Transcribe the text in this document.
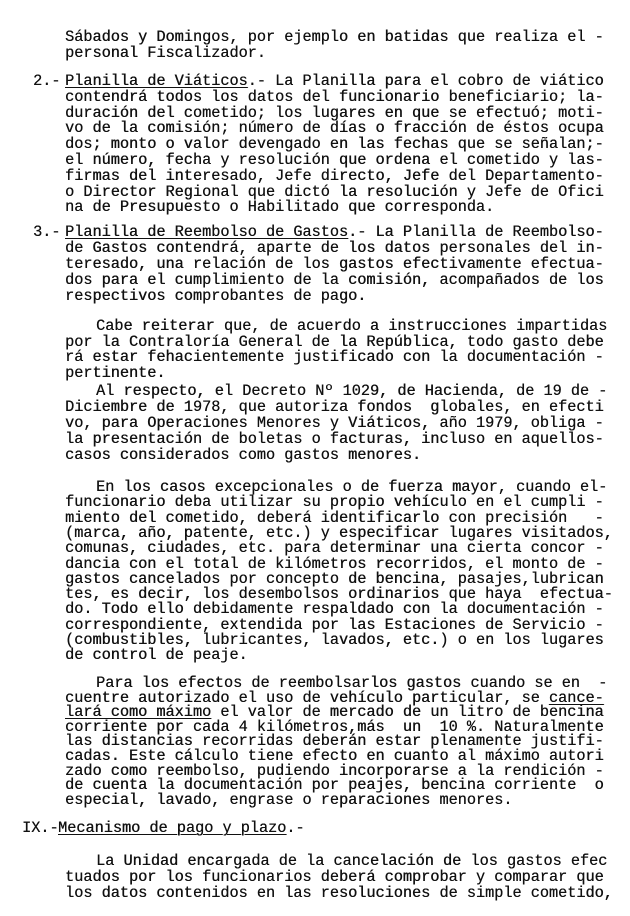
Sábados y Domingos, por ejemplo en batidas que realiza el -
personal Fiscalizador.
2.- Planilla de Viáticos.- La Planilla para el cobro de viático
contendrá todos los datos del funcionario beneficiario; la-
duración del cometido; los lugares en que se efectuó; moti-
vo de la comisión; número de días o fracción de éstos ocupa
dos; monto o valor devengado en las fechas que se señalan;-
el número, fecha y resolución que ordena el cometido y las-
firmas del interesado, Jefe directo, Jefe del Departamento-
o Director Regional que dictó la resolución y Jefe de Ofici
na de Presupuesto o Habilitado que corresponda.
3.- Planilla de Reembolso de Gastos.- La Planilla de Reembolso-
de Gastos contendrá, aparte de los datos personales del in-
teresado, una relación de los gastos efectivamente efectua-
dos para el cumplimiento de la comisión, acompañados de los
respectivos comprobantes de pago.
Cabe reiterar que, de acuerdo a instrucciones impartidas
por la Contraloría General de la República, todo gasto debe
rá estar fehacientemente justificado con la documentación -
pertinente.
Al respecto, el Decreto Nº 1029, de Hacienda, de 19 de -
Diciembre de 1978, que autoriza fondos  globales, en efecti
vo, para Operaciones Menores y Viáticos, año 1979, obliga -
la presentación de boletas o facturas, incluso en aquellos-
casos considerados como gastos menores.
En los casos excepcionales o de fuerza mayor, cuando el-
funcionario deba utilizar su propio vehículo en el cumpli -
miento del cometido, deberá identificarlo con precisión   -
(marca, año, patente, etc.) y especificar lugares visitados,
comunas, ciudades, etc. para determinar una cierta concor -
dancia con el total de kilómetros recorridos, el monto de -
gastos cancelados por concepto de bencina, pasajes,lubrican
tes, es decir, los desembolsos ordinarios que haya  efectua-
do. Todo ello debidamente respaldado con la documentación -
correspondiente, extendida por las Estaciones de Servicio -
(combustibles, lubricantes, lavados, etc.) o en los lugares
de control de peaje.
Para los efectos de reembolsarlos gastos cuando se en  -
cuentre autorizado el uso de vehículo particular, se cance-
lará como máximo el valor de mercado de un litro de bencina
corriente por cada 4 kilómetros,más  un  10 %. Naturalmente
las distancias recorridas deberán estar plenamente justifi-
cadas. Este cálculo tiene efecto en cuanto al máximo autori
zado como reembolso, pudiendo incorporarse a la rendición -
de cuenta la documentación por peajes, bencina corriente  o
especial, lavado, engrase o reparaciones menores.
IX.- Mecanismo de pago y plazo.-
La Unidad encargada de la cancelación de los gastos efec
tuados por los funcionarios deberá comprobar y comparar que
los datos contenidos en las resoluciones de simple cometido,
